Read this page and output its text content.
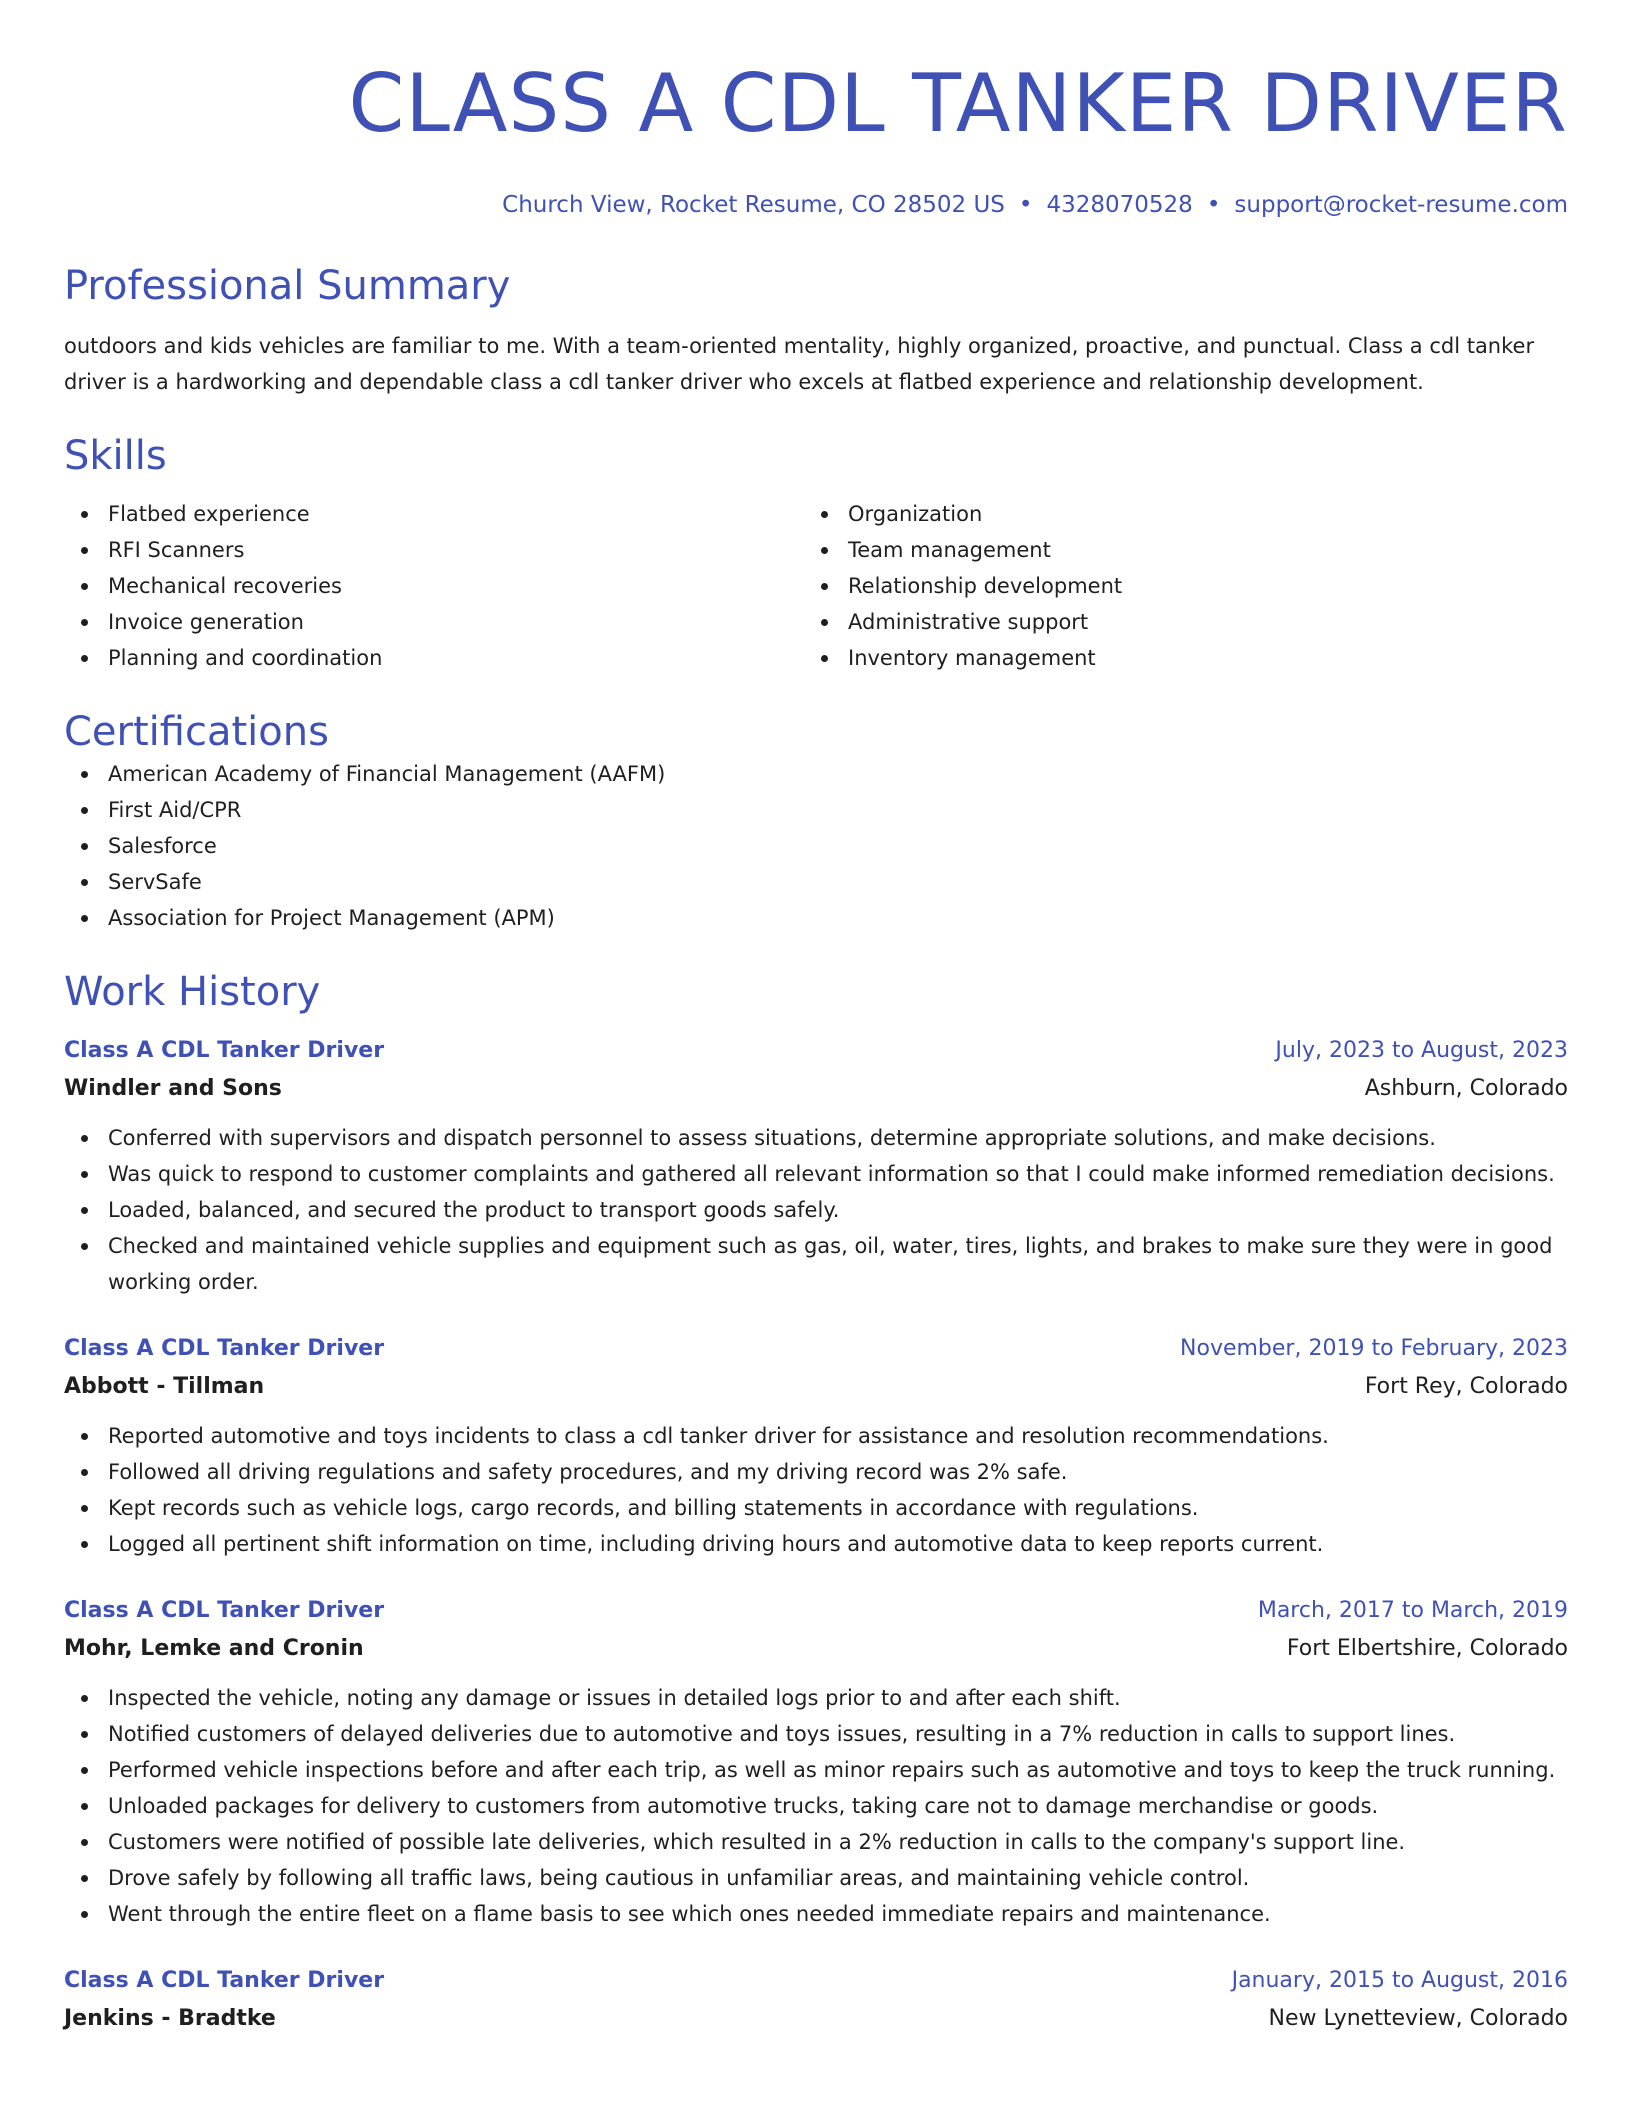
CLASS A CDL TANKER DRIVER
Church View, Rocket Resume, CO 28502 US • 4328070528 • support@rocket-resume.com
Professional Summary
outdoors and kids vehicles are familiar to me. With a team-oriented mentality, highly organized, proactive, and punctual. Class a cdl tanker driver is a hardworking and dependable class a cdl tanker driver who excels at flatbed experience and relationship development.
Skills
Flatbed experience
RFI Scanners
Mechanical recoveries
Invoice generation
Planning and coordination
Organization
Team management
Relationship development
Administrative support
Inventory management
Certifications
American Academy of Financial Management (AAFM)
First Aid/CPR
Salesforce
ServSafe
Association for Project Management (APM)
Work History
Class A CDL Tanker Driver	July, 2023 to August, 2023
Windler and Sons	Ashburn, Colorado
Conferred with supervisors and dispatch personnel to assess situations, determine appropriate solutions, and make decisions.
Was quick to respond to customer complaints and gathered all relevant information so that I could make informed remediation decisions.
Loaded, balanced, and secured the product to transport goods safely.
Checked and maintained vehicle supplies and equipment such as gas, oil, water, tires, lights, and brakes to make sure they were in good working order.
Class A CDL Tanker Driver	November, 2019 to February, 2023
Abbott - Tillman	Fort Rey, Colorado
Reported automotive and toys incidents to class a cdl tanker driver for assistance and resolution recommendations.
Followed all driving regulations and safety procedures, and my driving record was 2% safe.
Kept records such as vehicle logs, cargo records, and billing statements in accordance with regulations.
Logged all pertinent shift information on time, including driving hours and automotive data to keep reports current.
Class A CDL Tanker Driver	March, 2017 to March, 2019
Mohr, Lemke and Cronin	Fort Elbertshire, Colorado
Inspected the vehicle, noting any damage or issues in detailed logs prior to and after each shift.
Notified customers of delayed deliveries due to automotive and toys issues, resulting in a 7% reduction in calls to support lines.
Performed vehicle inspections before and after each trip, as well as minor repairs such as automotive and toys to keep the truck running.
Unloaded packages for delivery to customers from automotive trucks, taking care not to damage merchandise or goods.
Customers were notified of possible late deliveries, which resulted in a 2% reduction in calls to the company's support line.
Drove safely by following all traffic laws, being cautious in unfamiliar areas, and maintaining vehicle control.
Went through the entire fleet on a flame basis to see which ones needed immediate repairs and maintenance.
Class A CDL Tanker Driver	January, 2015 to August, 2016
Jenkins - Bradtke	New Lynetteview, Colorado
